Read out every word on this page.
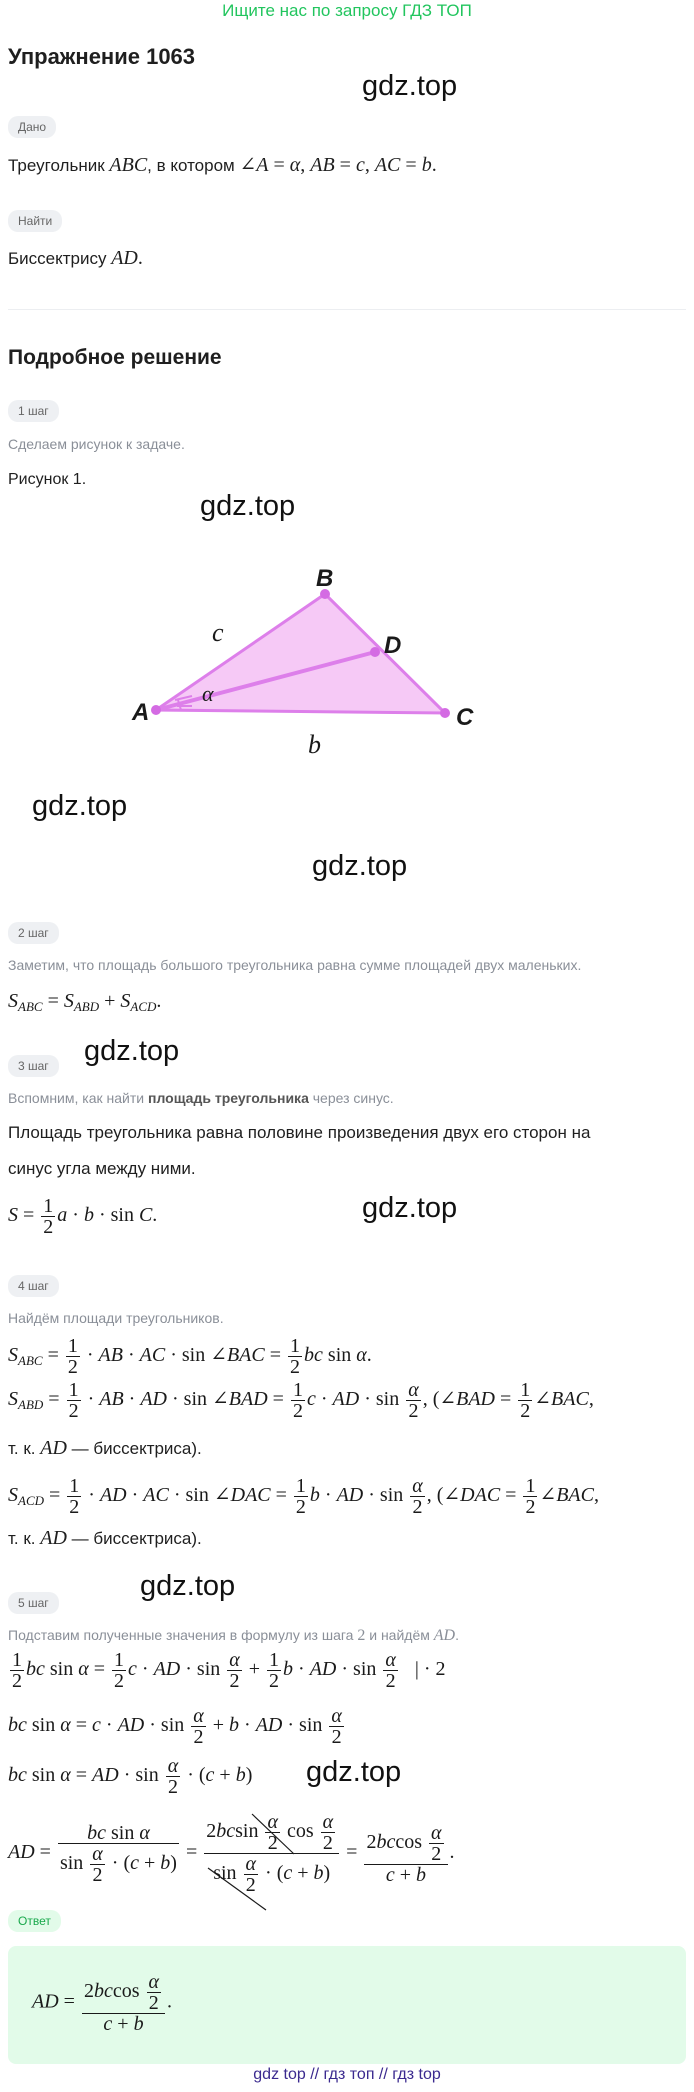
Ищите нас по запросу ГДЗ ТОП
Упражнение 1063
gdz.top
Дано
Треугольник ABC, в котором ∠A = α, AB = c, AC = b.
Найти
Биссектрису AD.
Подробное решение
1 шаг
Сделаем рисунок к задаче.
Рисунок 1.
gdz.top
A
B
C
D
c
b
α
gdz.top
gdz.top
2 шаг
Заметим, что площадь большого треугольника равна сумме площадей двух маленьких.
$S_{ABC} = S_{ABD} + S_{ACD}$.
gdz.top
3 шаг
Вспомним, как найти площадь треугольника через синус.
Площадь треугольника равна половине произведения двух его сторон на
синус угла между ними.
$S = \frac{1}{2}$ a · b · sin C.	gdz.top
4 шаг
Найдём площади треугольников.
$S_{ABC} = \frac{1}{2}$ · AB · AC · sin ∠BAC = $\frac{1}{2}$ bc sin α.
$S_{ABD} = \frac{1}{2}$ · AB · AD · sin ∠BAD = $\frac{1}{2}$ c · AD · $\sin \frac{\alpha}{2}$ , (∠BAD = $\frac{1}{2}$ ∠BAC,
т. к. AD — биссектриса).
$S_{ACD} = \frac{1}{2}$ · AD · AC · sin ∠DAC = $\frac{1}{2}$ b · AD · $\sin \frac{\alpha}{2}$ , (∠DAC = $\frac{1}{2}$ ∠BAC,
т. к. AD — биссектриса).
gdz.top
5 шаг
Подставим полученные значения в формулу из шага 2 и найдём AD.
$\frac{1}{2}$ bc $\sin \alpha = \frac{1}{2}$ c · AD · $\sin \frac{\alpha}{2} + \frac{1}{2}$ b · AD · $\sin \frac{\alpha}{2}$ | · 2
bc sin α = c · AD · $\sin \frac{\alpha}{2} + b$ · AD · $\sin \frac{\alpha}{2}$
bc sin α = AD · $\sin \frac{\alpha}{2} \cdot (c + b)$ gdz.top
AD = $\frac{\text{bc sin α}}{\sin \frac{\alpha}{2} \cdot (c + b)} = \frac{2bcsin \frac{\alpha}{2} \cos \frac{\alpha}{2}}{\sin \frac{\alpha}{2} \cdot (c + b)} = \frac{2bccos \frac{\alpha}{2}}{c + b}$ .
Ответ
AD = $\frac{2bccos \frac{\alpha}{2}}{c + b}$ .
gdz top // гдз топ // гдз top
